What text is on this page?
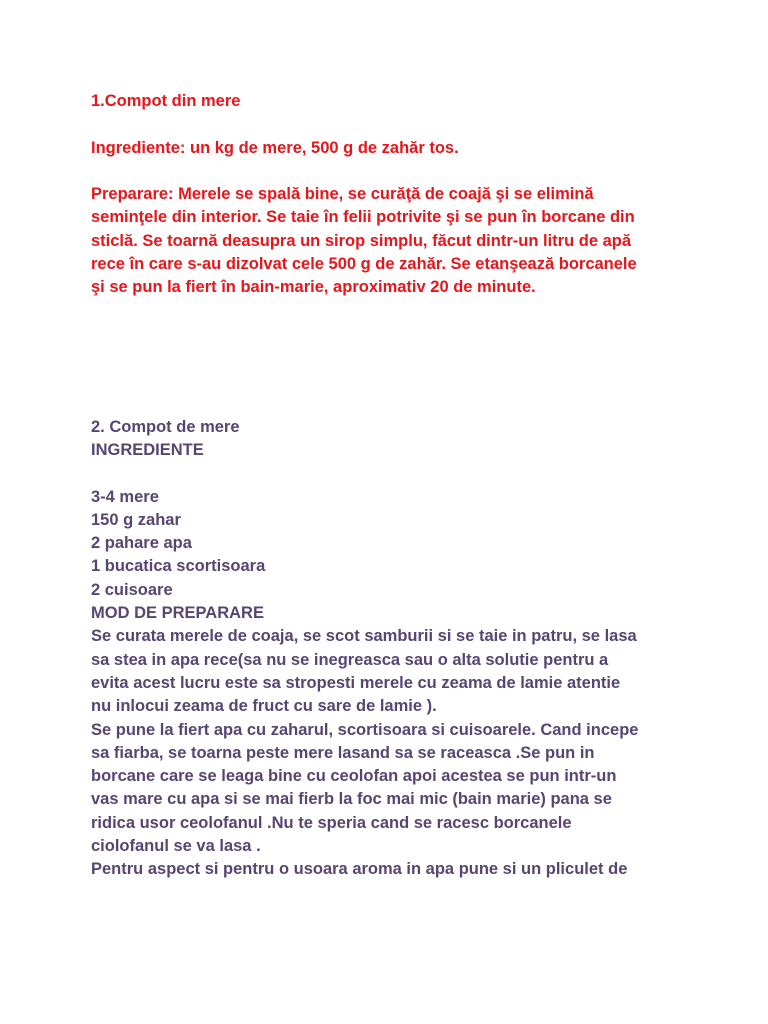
1.Compot din mere

Ingrediente: un kg de mere, 500 g de zahăr tos.

Preparare: Merele se spală bine, se curăţă de coajă şi se elimină

seminţele din interior. Se taie în felii potrivite şi se pun în borcane din

sticlă. Se toarnă deasupra un sirop simplu, făcut dintr-un litru de apă

rece în care s-au dizolvat cele 500 g de zahăr. Se etanşează borcanele

şi se pun la fiert în bain-marie, aproximativ 20 de minute.

2. Compot de mere

INGREDIENTE

3-4 mere

150 g zahar

2 pahare apa

1 bucatica scortisoara

2 cuisoare

MOD DE PREPARARE

Se curata merele de coaja, se scot samburii si se taie in patru, se lasa

sa stea in apa rece(sa nu se inegreasca sau o alta solutie pentru a

evita acest lucru este sa stropesti merele cu zeama de lamie atentie

nu inlocui zeama de fruct cu sare de lamie ).

Se pune la fiert apa cu zaharul, scortisoara si cuisoarele. Cand incepe

sa fiarba, se toarna peste mere lasand sa se raceasca .Se pun in

borcane care se leaga bine cu ceolofan apoi acestea se pun intr-un

vas mare cu apa si se mai fierb la foc mai mic (bain marie) pana se

ridica usor ceolofanul .Nu te speria cand se racesc borcanele

ciolofanul se va lasa .

Pentru aspect si pentru o usoara aroma in apa pune si un pliculet de
